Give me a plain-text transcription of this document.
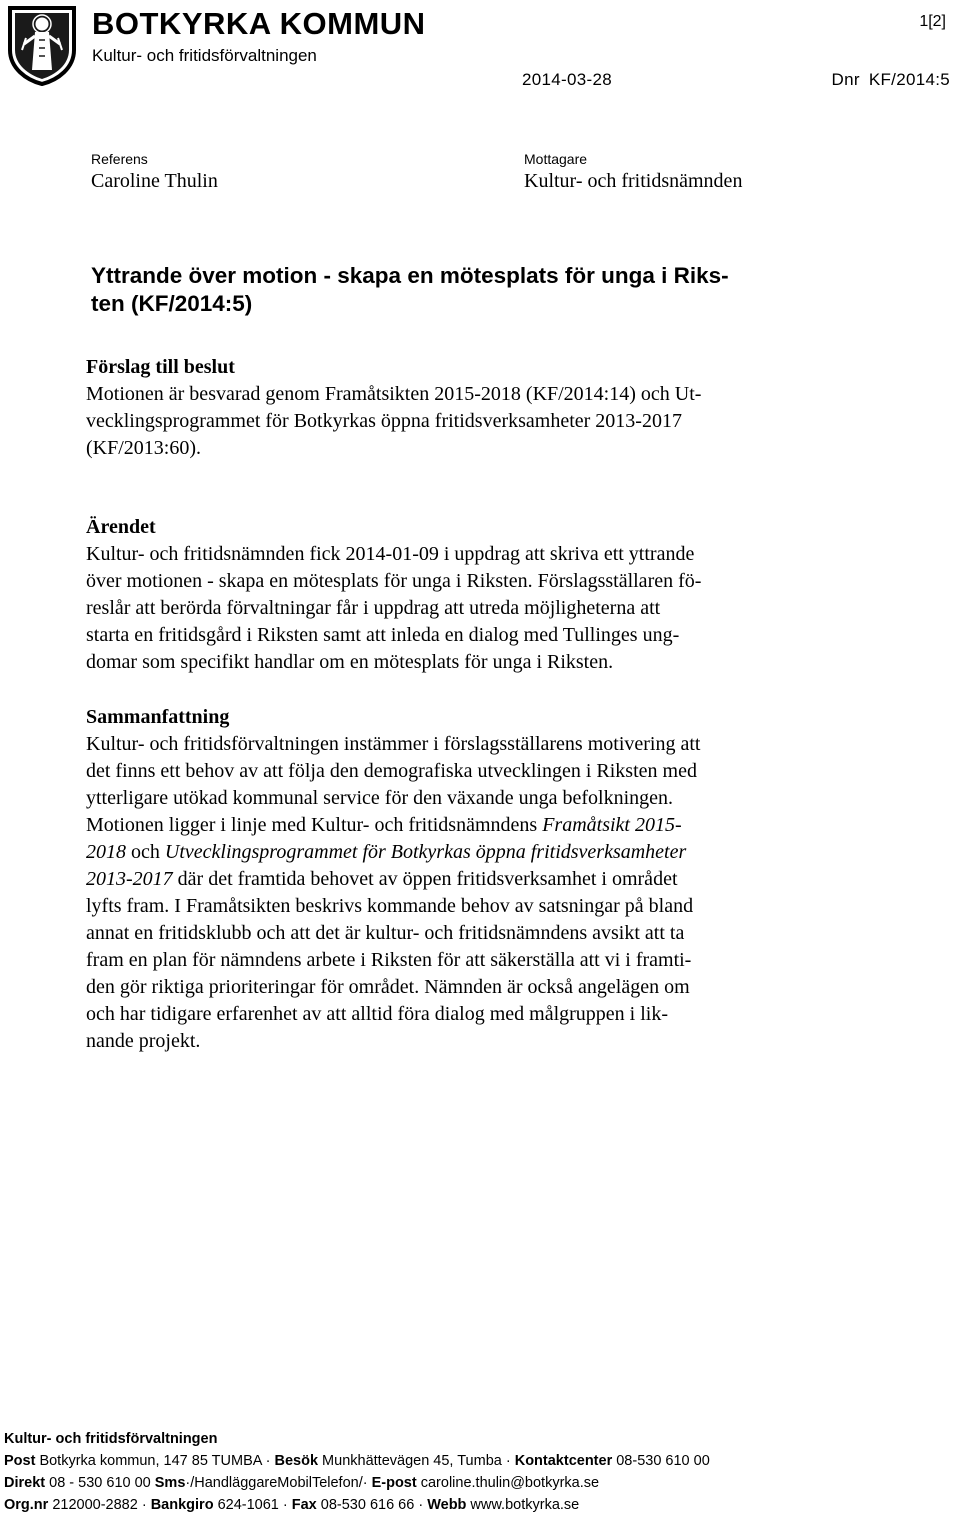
BOTKYRKA KOMMUN
Kultur- och fritidsförvaltningen
1[2]
2014-03-28	Dnr KF/2014:5
Referens
Caroline Thulin
Mottagare
Kultur- och fritidsnämnden
Yttrande över motion - skapa en mötesplats för unga i Riks-
ten (KF/2014:5)

Förslag till beslut

Motionen är besvarad genom Framåtsikten 2015-2018 (KF/2014:14) och Ut-

vecklingsprogrammet för Botkyrkas öppna fritidsverksamheter 2013-2017

(KF/2013:60).

Ärendet

Kultur- och fritidsnämnden fick 2014-01-09 i uppdrag att skriva ett yttrande

över motionen - skapa en mötesplats för unga i Riksten. Förslagsställaren fö-

reslår att berörda förvaltningar får i uppdrag att utreda möjligheterna att

starta en fritidsgård i Riksten samt att inleda en dialog med Tullinges ung-

domar som specifikt handlar om en mötesplats för unga i Riksten.

Sammanfattning

Kultur- och fritidsförvaltningen instämmer i förslagsställarens motivering att

det finns ett behov av att följa den demografiska utvecklingen i Riksten med

ytterligare utökad kommunal service för den växande unga befolkningen.

Motionen ligger i linje med Kultur- och fritidsnämndens Framåtsikt 2015-

2018 och Utvecklingsprogrammet för Botkyrkas öppna fritidsverksamheter

2013-2017 där det framtida behovet av öppen fritidsverksamhet i området

lyfts fram. I Framåtsikten beskrivs kommande behov av satsningar på bland

annat en fritidsklubb och att det är kultur- och fritidsnämndens avsikt att ta

fram en plan för nämndens arbete i Riksten för att säkerställa att vi i framti-

den gör riktiga prioriteringar för området. Nämnden är också angelägen om

och har tidigare erfarenhet av att alltid föra dialog med målgruppen i lik-

nande projekt.

Kultur- och fritidsförvaltningen

Post Botkyrka kommun, 147 85 TUMBA · Besök Munkhättevägen 45, Tumba · Kontaktcenter 08-530 610 00

Direkt 08 - 530 610 00 Sms·/HandläggareMobilTelefon/· E-post caroline.thulin@botkyrka.se

Org.nr 212000-2882 · Bankgiro 624-1061 · Fax 08-530 616 66 · Webb www.botkyrka.se
